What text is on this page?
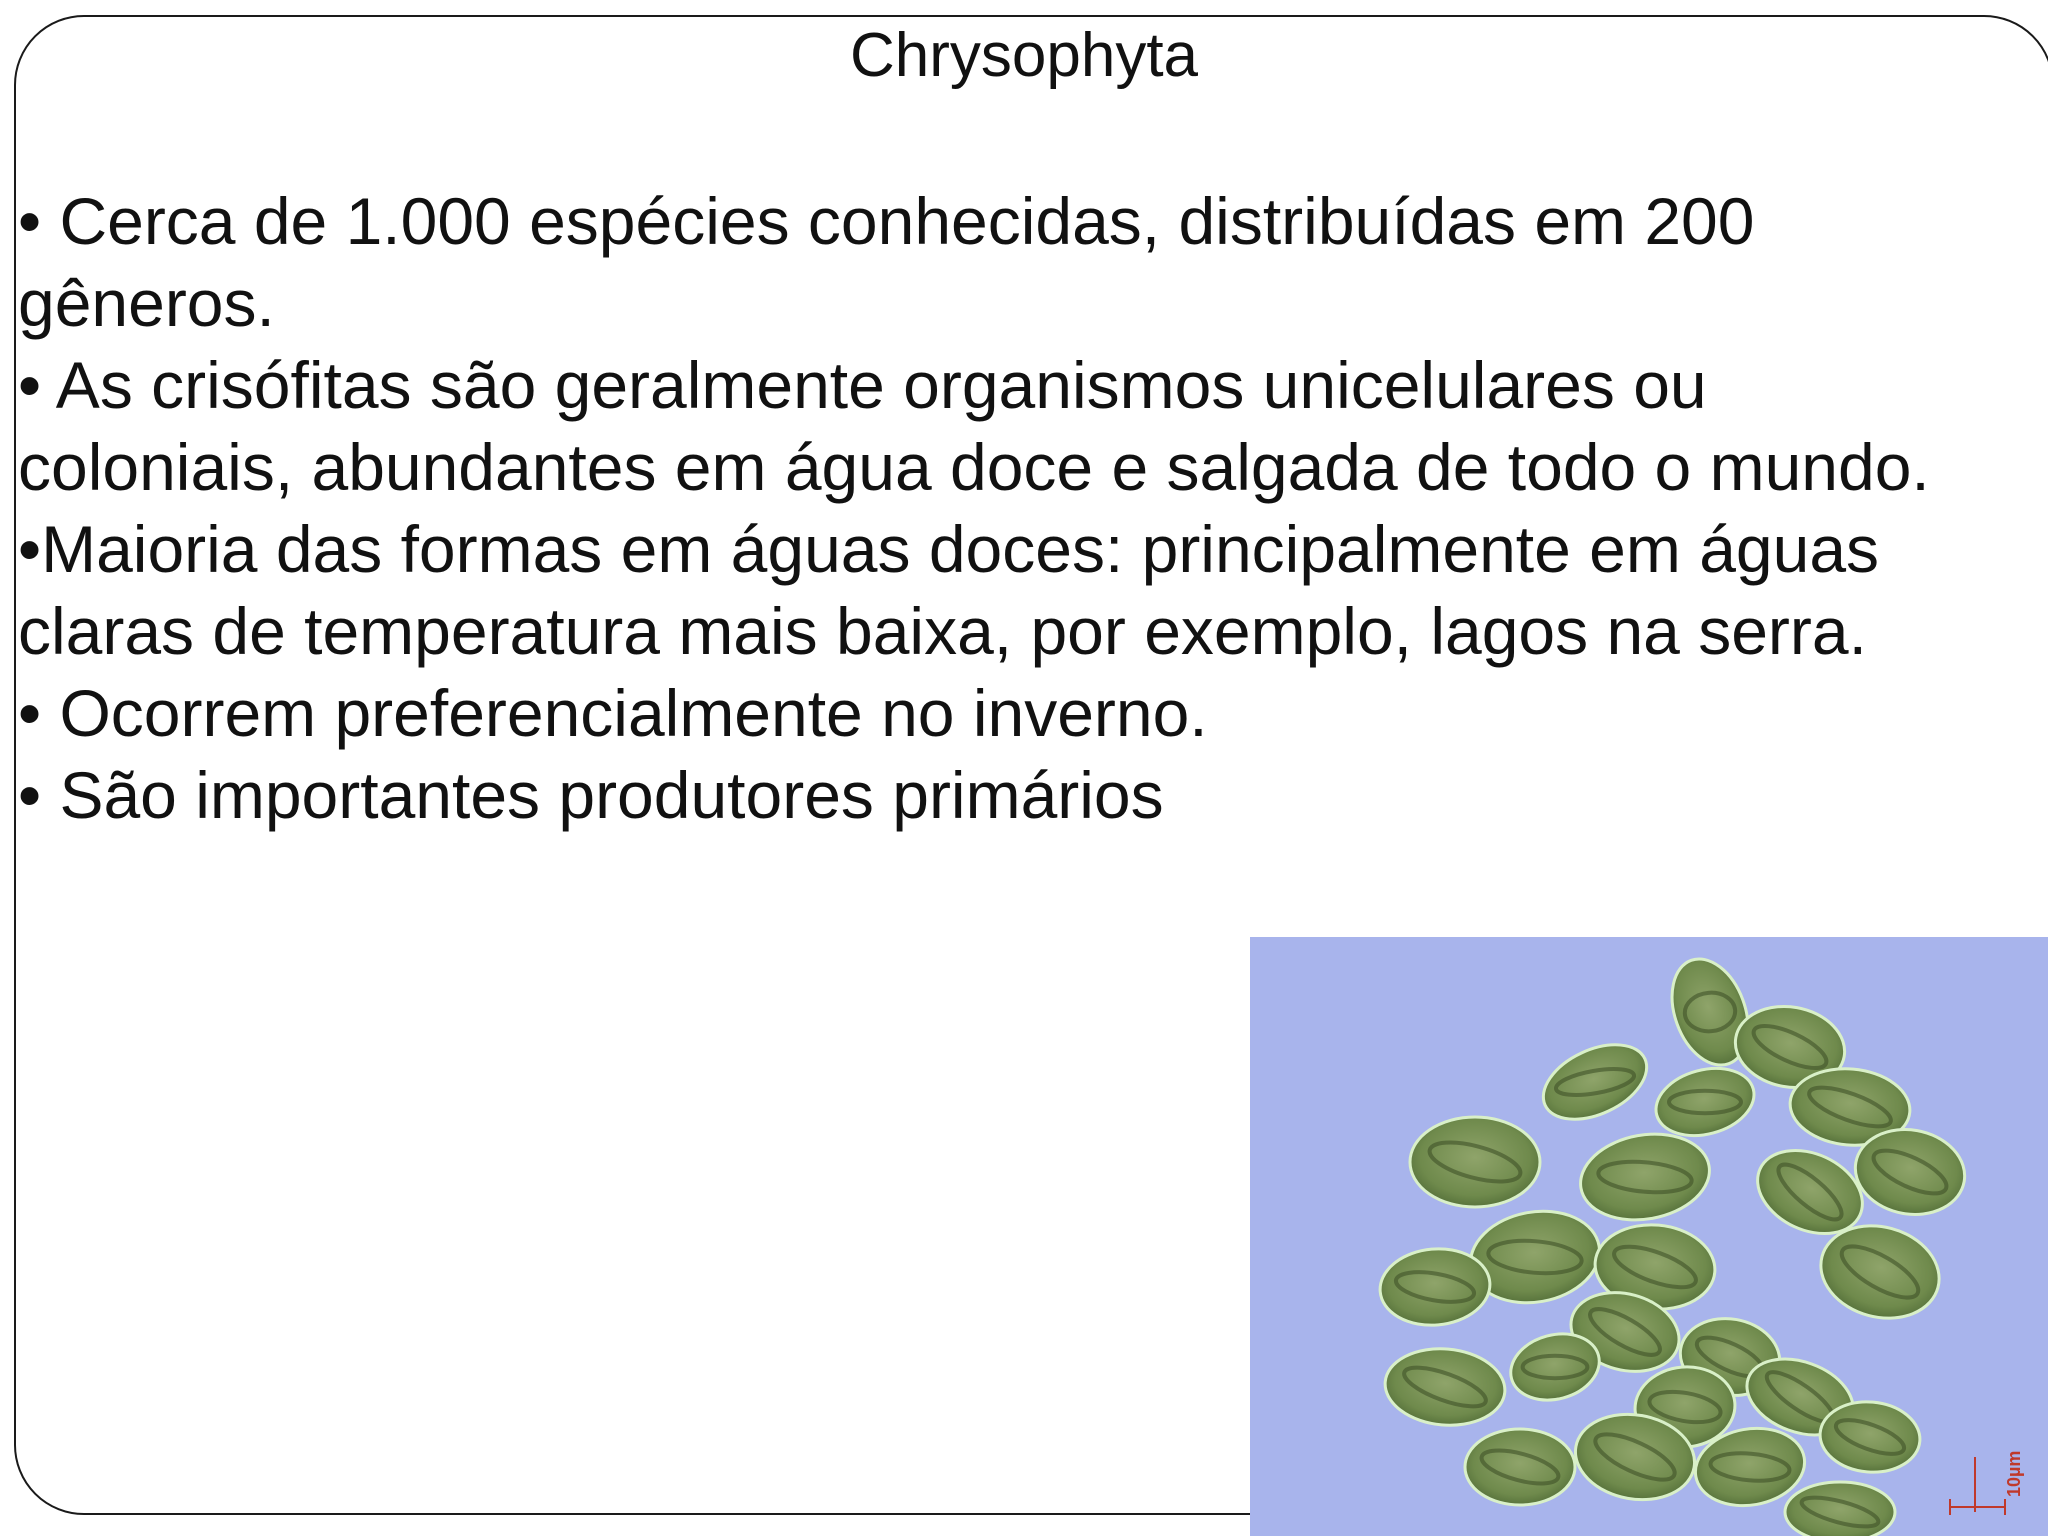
Chrysophyta

• Cerca de 1.000 espécies conhecidas, distribuídas em 200 gêneros.

• As crisófitas são geralmente organismos unicelulares ou coloniais, abundantes em água doce e salgada de todo o mundo.

•Maioria das formas em águas doces: principalmente em águas claras de temperatura mais baixa, por exemplo, lagos na serra.

• Ocorrem preferencialmente no inverno.

• São importantes produtores primários

10µm
